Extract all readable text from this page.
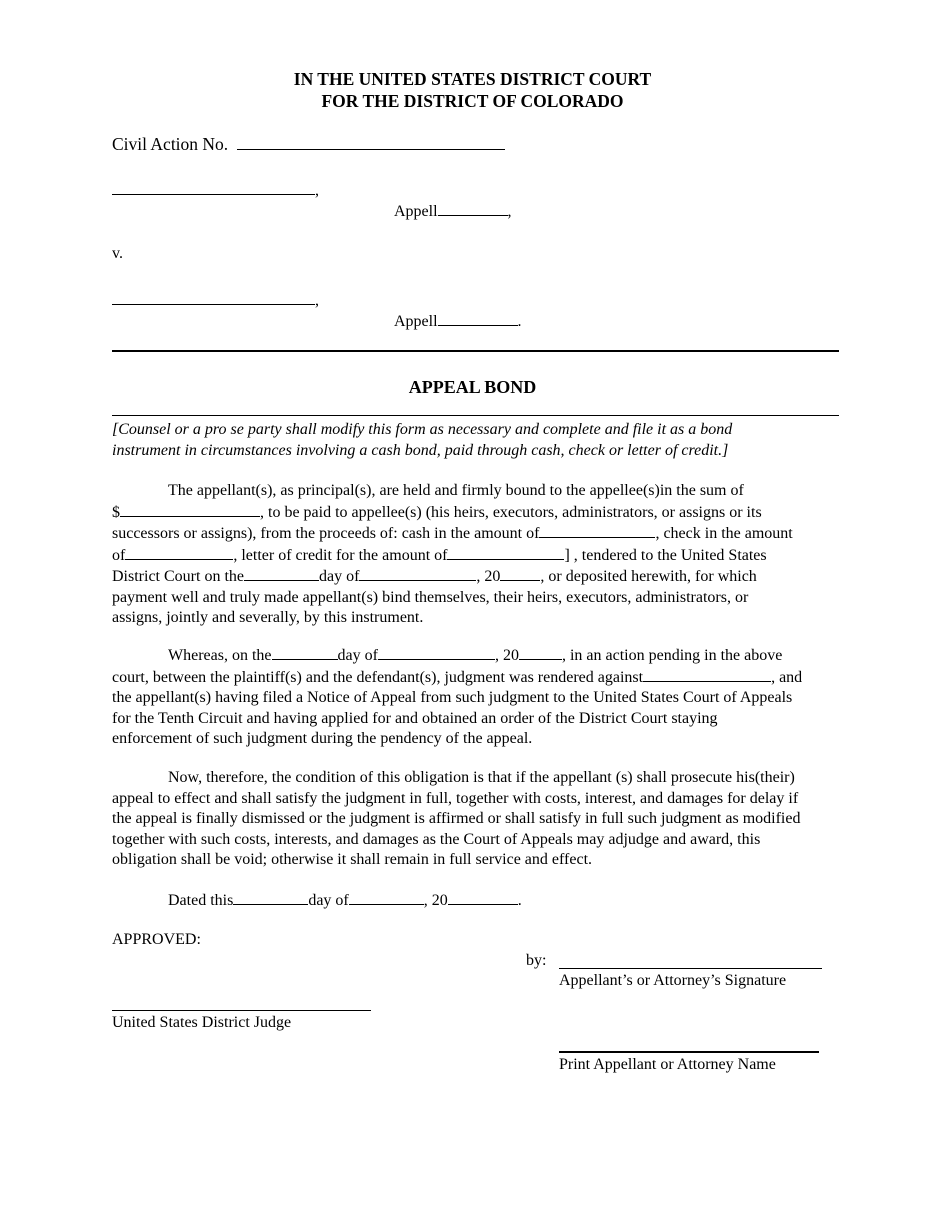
IN THE UNITED STATES DISTRICT COURT
FOR THE DISTRICT OF COLORADO
Civil Action No.
,
Appell	,
v.
,
Appell	.
APPEAL BOND
[Counsel or a pro se party shall modify this form as necessary and complete and file it as a bond instrument in circumstances involving a cash bond, paid through cash, check or letter of credit.]
The appellant(s), as principal(s), are held and firmly bound to the appellee(s)in the sum of
$	, to be paid to appellee(s) (his heirs, executors, administrators, or assigns or its
successors or assigns), from the proceeds of: cash in the amount of	, check in the amount
of	, letter of credit for the amount of	] , tendered to the United States
District Court on the	day of	, 20	, or deposited herewith, for which
payment well and truly made appellant(s) bind themselves, their heirs, executors, administrators, or
assigns, jointly and severally, by this instrument.
Whereas, on the	day of	, 20	, in an action pending in the above
court, between the plaintiff(s) and the defendant(s), judgment was rendered against	, and
the appellant(s) having filed a Notice of Appeal from such judgment to the United States Court of Appeals
for the Tenth Circuit and having applied for and obtained an order of the District Court staying
enforcement of such judgment during the pendency of the appeal.
Now, therefore, the condition of this obligation is that if the appellant (s) shall prosecute his(their)
appeal to effect and shall satisfy the judgment in full, together with costs, interest, and damages for delay if
the appeal is finally dismissed or the judgment is affirmed or shall satisfy in full such judgment as modified
together with such costs, interests, and damages as the Court of Appeals may adjudge and award, this
obligation shall be void; otherwise it shall remain in full service and effect.
Dated this	day of	, 20	.
APPROVED:
by:
Appellant’s or Attorney’s Signature
United States District Judge
Print Appellant or Attorney Name
